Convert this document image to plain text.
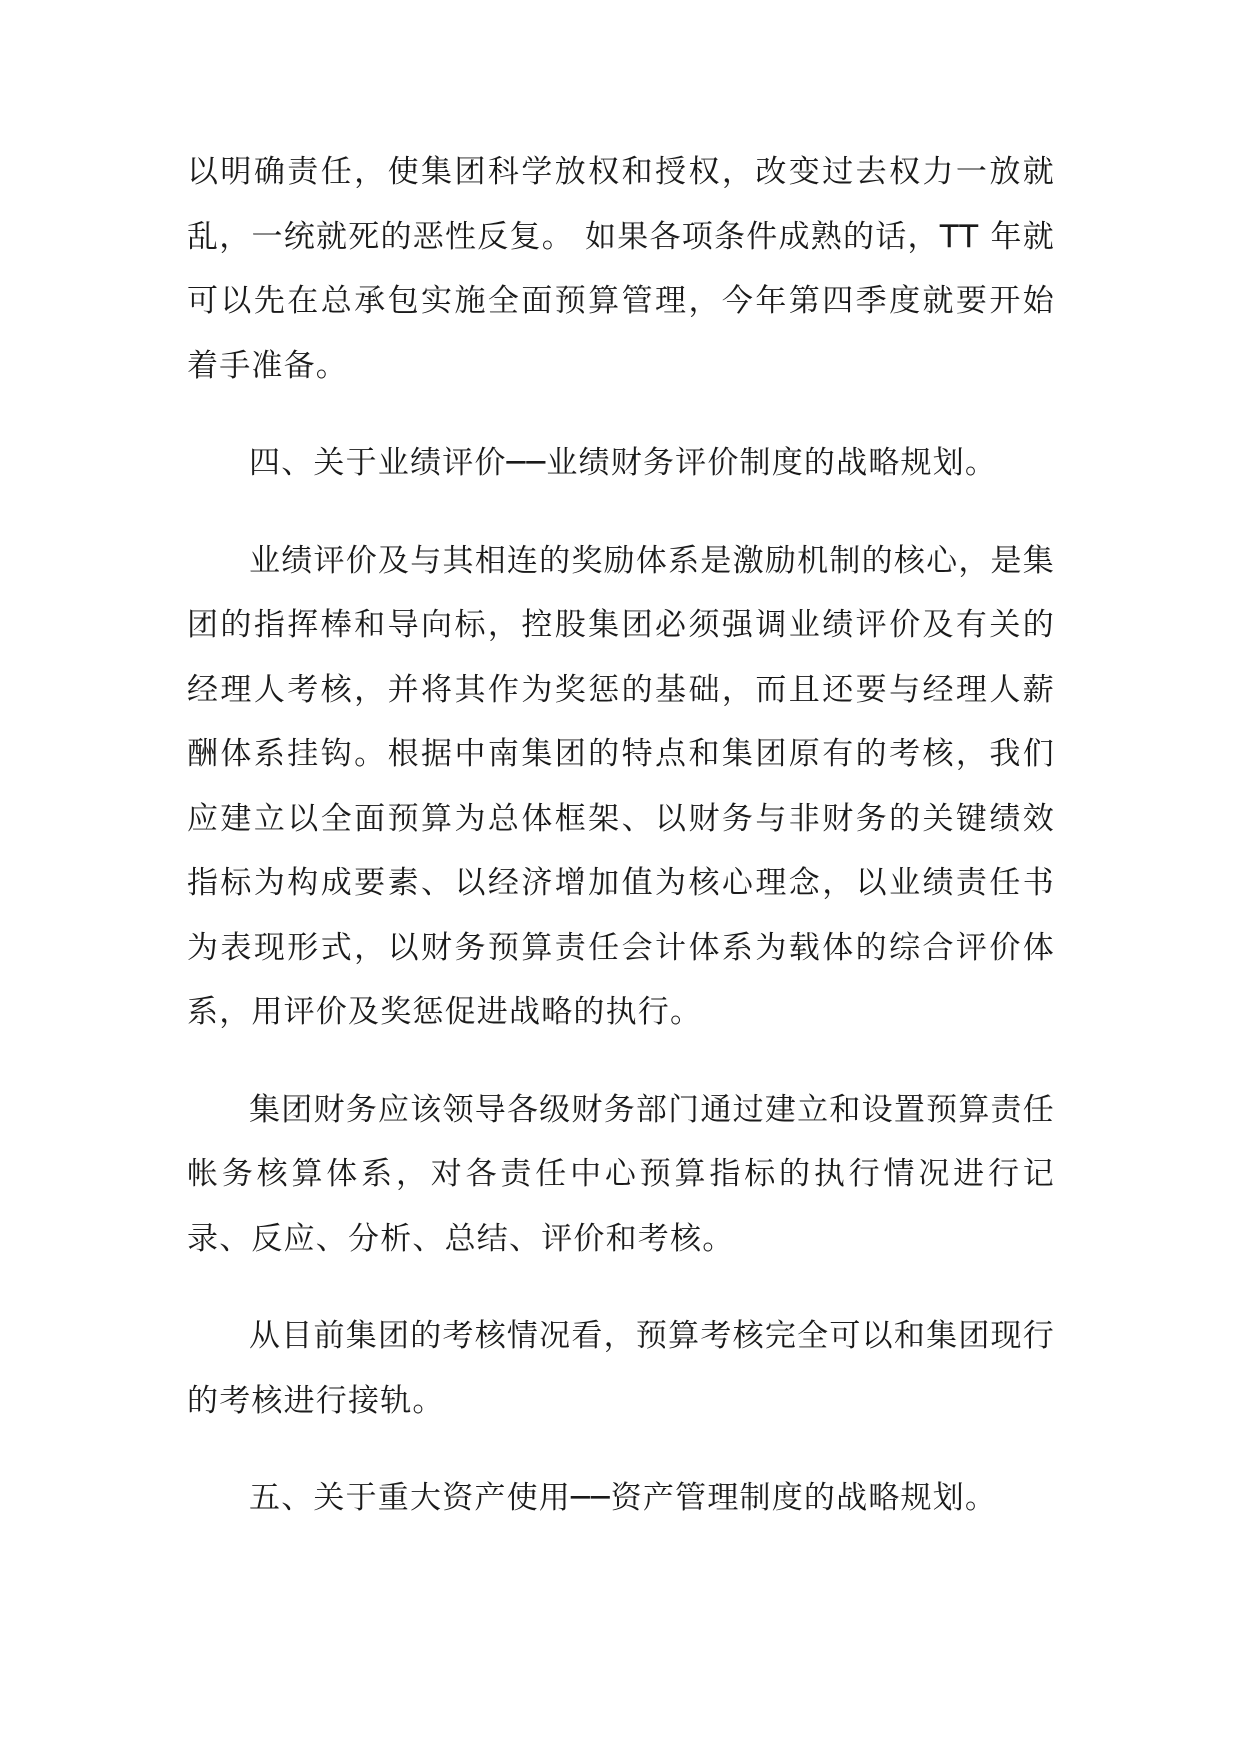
以明确责任，使集团科学放权和授权，改变过去权力一放就乱，一统就死的恶性反复。 如果各项条件成熟的话，TT 年就可以先在总承包实施全面预算管理，今年第四季度就要开始着手准备。

四、关于业绩评价──业绩财务评价制度的战略规划。

业绩评价及与其相连的奖励体系是激励机制的核心，是集团的指挥棒和导向标，控股集团必须强调业绩评价及有关的经理人考核，并将其作为奖惩的基础，而且还要与经理人薪酬体系挂钩。根据中南集团的特点和集团原有的考核，我们应建立以全面预算为总体框架、以财务与非财务的关键绩效指标为构成要素、以经济增加值为核心理念，以业绩责任书为表现形式，以财务预算责任会计体系为载体的综合评价体系，用评价及奖惩促进战略的执行。

集团财务应该领导各级财务部门通过建立和设置预算责任帐务核算体系，对各责任中心预算指标的执行情况进行记录、反应、分析、总结、评价和考核。

从目前集团的考核情况看，预算考核完全可以和集团现行的考核进行接轨。

五、关于重大资产使用──资产管理制度的战略规划。
